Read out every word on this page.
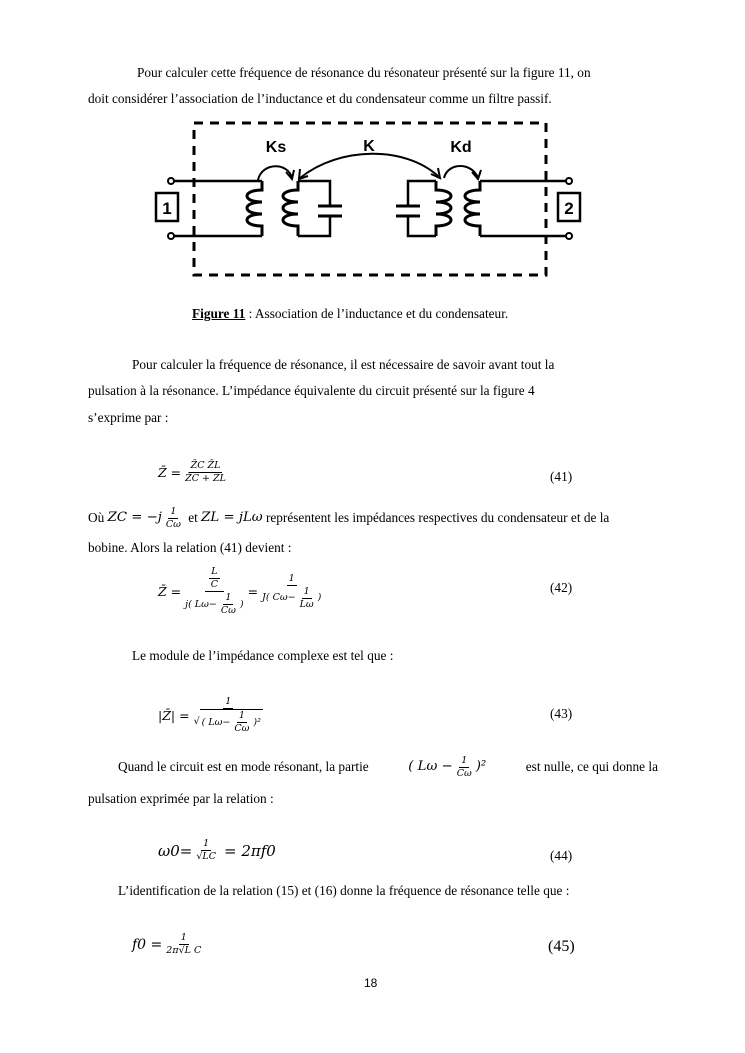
Pour calculer cette fréquence de résonance du résonateur présenté sur la figure 11, on
doit considérer l’association de l’inductance et du condensateur comme un filtre passif.
1	2
Ks	K	Kd
Figure 11 : Association de l’inductance et du condensateur.
Pour calculer la fréquence de résonance, il est nécessaire de savoir avant tout la
pulsation à la résonance. L’impédance équivalente du circuit présenté sur la figure 4
s’exprime par :
Z̄ = $\frac{\text{Z̄C Z̄L}}{Z̄C + Z̄L}$	(41)
Où
ZC = $-j \frac{1}{C\omega}$
et
ZL = jLω
représentent les impédances respectives du condensateur et de la
bobine. Alors la relation (41) devient :
Z̄ = $\frac{\frac{L}{C}}{j( L\omega- \frac{1}{C\omega} )} = \frac{1}{J( C\omega- \frac{1}{L\omega} )}$	(42)
Le module de l’impédance complexe est tel que :
|Z̄| = $\frac{1}{√ ( L\omega- \frac{1}{C\omega} )^2}$	(43)
Quand le circuit est en mode résonant, la partie	( $L\omega - \frac{1}{C\omega} )^2$	est nulle, ce qui donne la
pulsation exprimée par la relation :
$\omega 0= \frac{1}{√LC} = 2\pi f0$	(44)
L’identification de la relation (15) et (16) donne la fréquence de résonance telle que :
$f0 = \frac{1}{\text{2π√L C}}$	(45)
18
